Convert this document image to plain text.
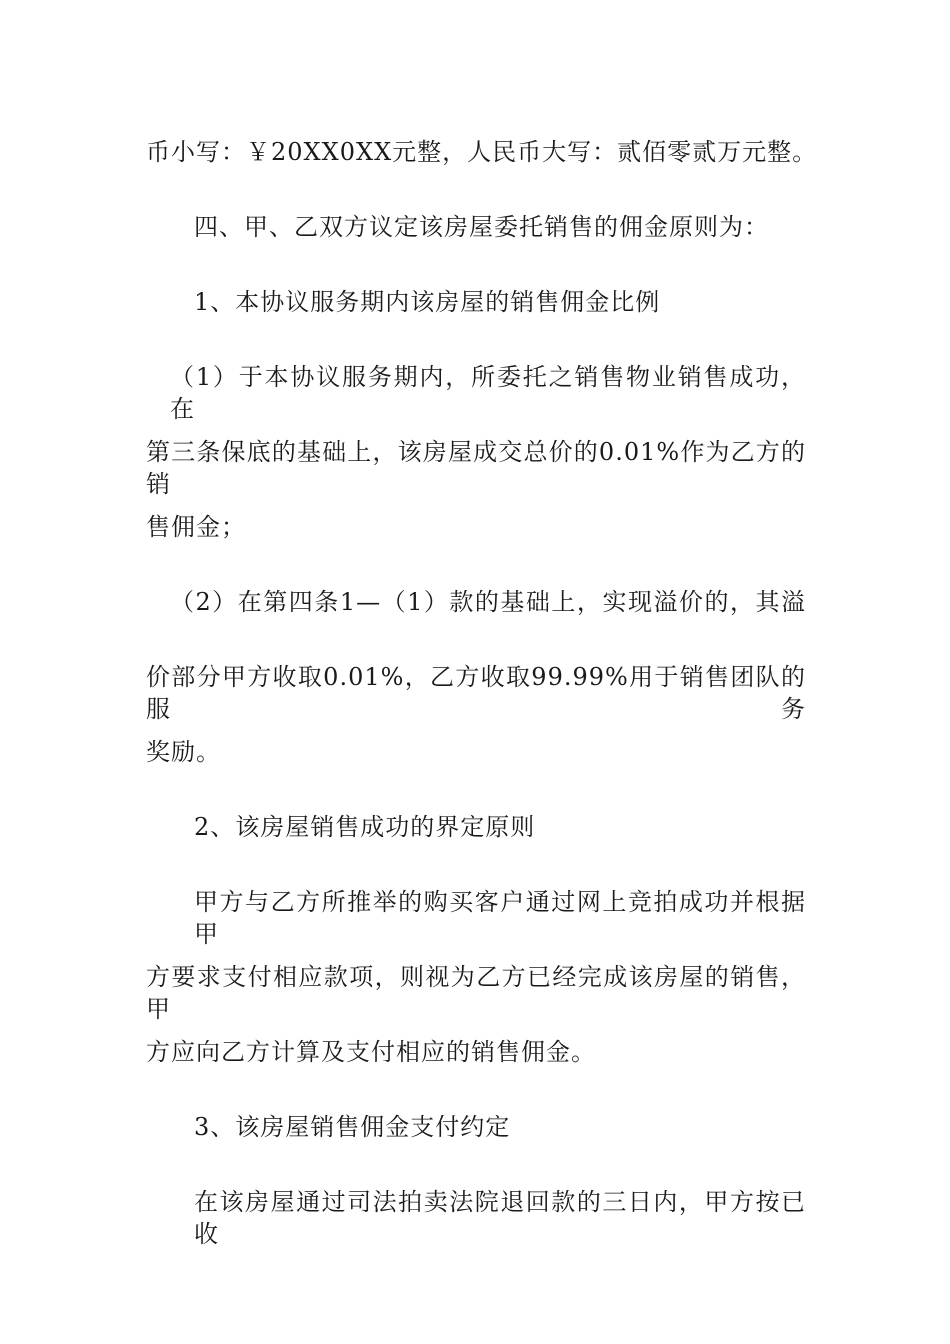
币小写：￥20XX0XX元整，人民币大写：贰佰零贰万元整。
四、甲、乙双方议定该房屋委托销售的佣金原则为：
1、本协议服务期内该房屋的销售佣金比例
（1）于本协议服务期内，所委托之销售物业销售成功，在
第三条保底的基础上，该房屋成交总价的0.01%作为乙方的销
售佣金；
（2）在第四条1—（1）款的基础上，实现溢价的，其溢
价部分甲方收取0.01%，乙方收取99.99%用于销售团队的服务
奖励。
2、该房屋销售成功的界定原则
甲方与乙方所推举的购买客户通过网上竞拍成功并根据甲
方要求支付相应款项，则视为乙方已经完成该房屋的销售，甲
方应向乙方计算及支付相应的销售佣金。
3、该房屋销售佣金支付约定
在该房屋通过司法拍卖法院退回款的三日内，甲方按已收
